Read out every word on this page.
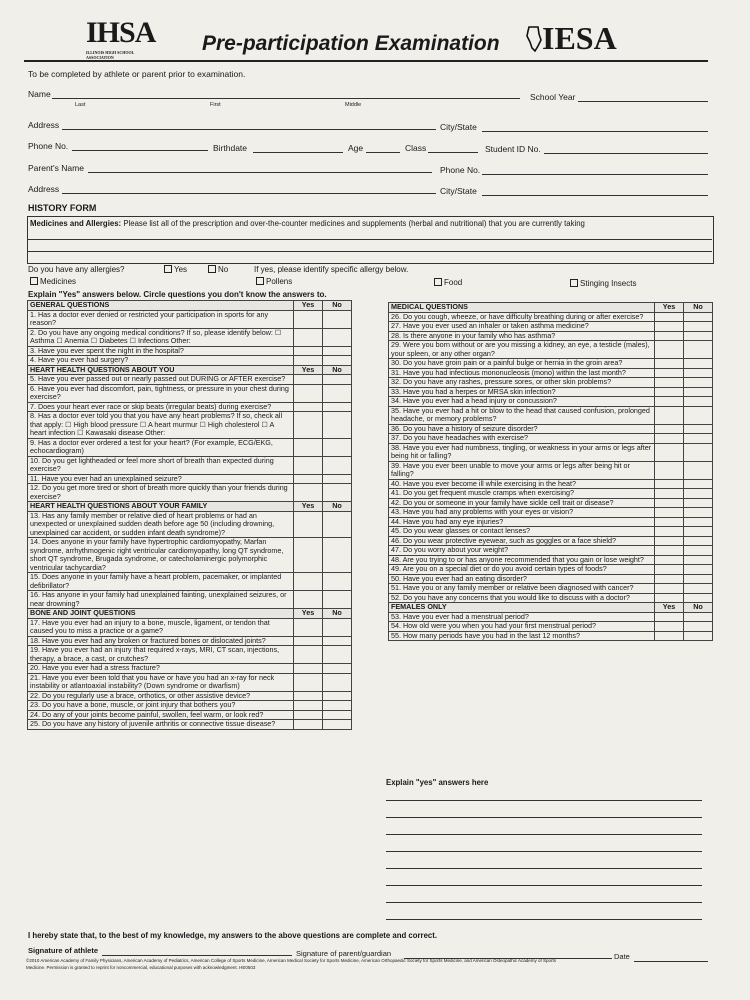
IHSA
ILLINOIS HIGH SCHOOL ASSOCIATION
Pre-participation Examination IESA
To be completed by athlete or parent prior to examination.
Name
Last	First	Middle
School Year
Address	City/State
Phone No.	Birthdate	Age	Class	Student ID No.
Parent's Name	Phone No.
Address	City/State
HISTORY FORM
Medicines and Allergies: Please list all of the prescription and over-the-counter medicines and supplements (herbal and nutritional) that you are currently taking
Do you have any allergies?	Yes	No	If yes, please identify specific allergy below.
Medicines	Pollens	Food	Stinging Insects
Explain "Yes" answers below. Circle questions you don't know the answers to.
GENERAL QUESTIONS	Yes	No
1. Has a doctor ever denied or restricted your participation in sports for any reason?		
2. Do you have any ongoing medical conditions? If so, please identify below: ☐ Asthma ☐ Anemia ☐ Diabetes ☐ Infections Other:		
3. Have you ever spent the night in the hospital?		
4. Have you ever had surgery?		
HEART HEALTH QUESTIONS ABOUT YOU	Yes	No
5. Have you ever passed out or nearly passed out DURING or AFTER exercise?		
6. Have you ever had discomfort, pain, tightness, or pressure in your chest during exercise?		
7. Does your heart ever race or skip beats (irregular beats) during exercise?		
8. Has a doctor ever told you that you have any heart problems? If so, check all that apply: ☐ High blood pressure ☐ A heart murmur ☐ High cholesterol ☐ A heart infection ☐ Kawasaki disease Other:		
9. Has a doctor ever ordered a test for your heart? (For example, ECG/EKG, echocardiogram)		
10. Do you get lightheaded or feel more short of breath than expected during exercise?		
11. Have you ever had an unexplained seizure?		
12. Do you get more tired or short of breath more quickly than your friends during exercise?		
HEART HEALTH QUESTIONS ABOUT YOUR FAMILY	Yes	No
13. Has any family member or relative died of heart problems or had an unexpected or unexplained sudden death before age 50 (including drowning, unexplained car accident, or sudden infant death syndrome)?		
14. Does anyone in your family have hypertrophic cardiomyopathy, Marfan syndrome, arrhythmogenic right ventricular cardiomyopathy, long QT syndrome, short QT syndrome, Brugada syndrome, or catecholaminergic polymorphic ventricular tachycardia?		
15. Does anyone in your family have a heart problem, pacemaker, or implanted defibrillator?		
16. Has anyone in your family had unexplained fainting, unexplained seizures, or near drowning?		
BONE AND JOINT QUESTIONS	Yes	No
17. Have you ever had an injury to a bone, muscle, ligament, or tendon that caused you to miss a practice or a game?		
18. Have you ever had any broken or fractured bones or dislocated joints?		
19. Have you ever had an injury that required x-rays, MRI, CT scan, injections, therapy, a brace, a cast, or crutches?		
20. Have you ever had a stress fracture?		
21. Have you ever been told that you have or have you had an x-ray for neck instability or atlantoaxial instability? (Down syndrome or dwarfism)		
22. Do you regularly use a brace, orthotics, or other assistive device?		
23. Do you have a bone, muscle, or joint injury that bothers you?		
24. Do any of your joints become painful, swollen, feel warm, or look red?		
25. Do you have any history of juvenile arthritis or connective tissue disease?		
MEDICAL QUESTIONS	Yes	No
26. Do you cough, wheeze, or have difficulty breathing during or after exercise?		
27. Have you ever used an inhaler or taken asthma medicine?		
28. Is there anyone in your family who has asthma?		
29. Were you born without or are you missing a kidney, an eye, a testicle (males), your spleen, or any other organ?		
30. Do you have groin pain or a painful bulge or hernia in the groin area?		
31. Have you had infectious mononucleosis (mono) within the last month?		
32. Do you have any rashes, pressure sores, or other skin problems?		
33. Have you had a herpes or MRSA skin infection?		
34. Have you ever had a head injury or concussion?		
35. Have you ever had a hit or blow to the head that caused confusion, prolonged headache, or memory problems?		
36. Do you have a history of seizure disorder?		
37. Do you have headaches with exercise?		
38. Have you ever had numbness, tingling, or weakness in your arms or legs after being hit or falling?		
39. Have you ever been unable to move your arms or legs after being hit or falling?		
40. Have you ever become ill while exercising in the heat?		
41. Do you get frequent muscle cramps when exercising?		
42. Do you or someone in your family have sickle cell trait or disease?		
43. Have you had any problems with your eyes or vision?		
44. Have you had any eye injuries?		
45. Do you wear glasses or contact lenses?		
46. Do you wear protective eyewear, such as goggles or a face shield?		
47. Do you worry about your weight?		
48. Are you trying to or has anyone recommended that you gain or lose weight?		
49. Are you on a special diet or do you avoid certain types of foods?		
50. Have you ever had an eating disorder?		
51. Have you or any family member or relative been diagnosed with cancer?		
52. Do you have any concerns that you would like to discuss with a doctor?		
FEMALES ONLY	Yes	No
53. Have you ever had a menstrual period?		
54. How old were you when you had your first menstrual period?		
55. How many periods have you had in the last 12 months?		
Explain "yes" answers here
I hereby state that, to the best of my knowledge, my answers to the above questions are complete and correct.
Signature of athlete	Signature of parent/guardian	Date
©2010 American Academy of Family Physicians, American Academy of Pediatrics, American College of Sports Medicine, American Medical Society for Sports Medicine, American Orthopaedic Society for Sports Medicine, and American Osteopathic Academy of Sports
Medicine. Permission is granted to reprint for noncommercial, educational purposes with acknowledgment. HE0503
